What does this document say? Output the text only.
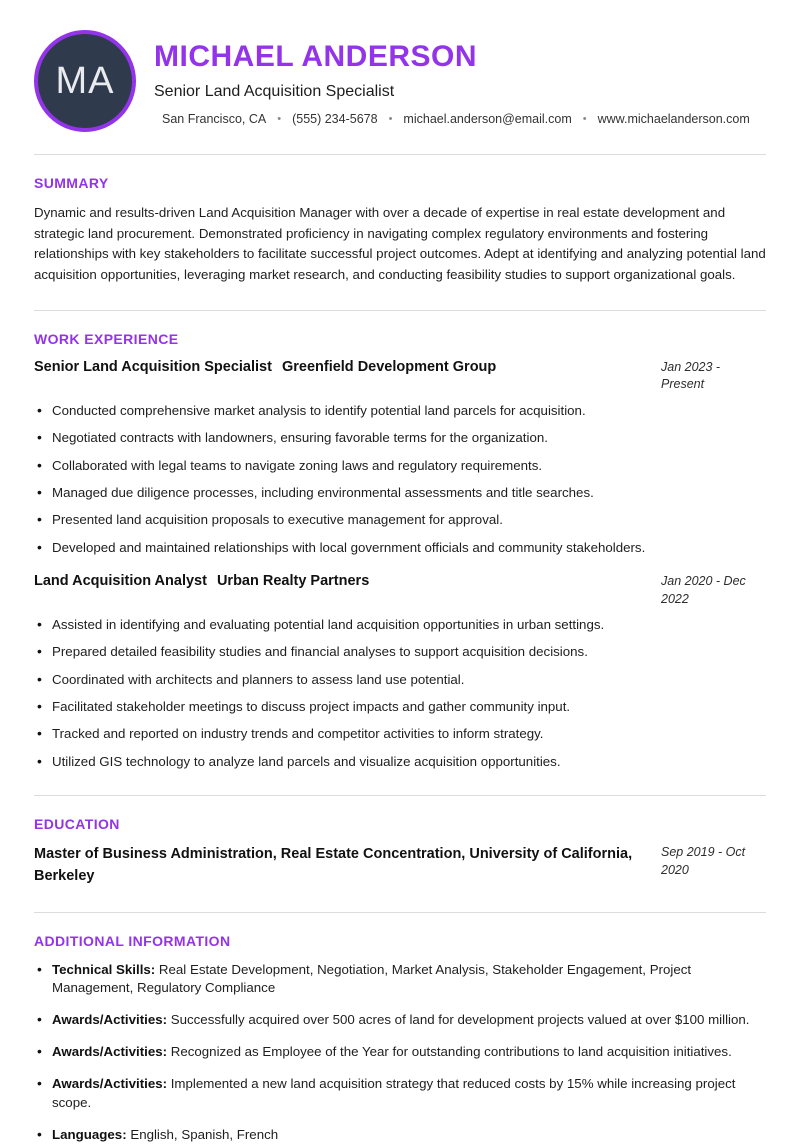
MA
MICHAEL ANDERSON
Senior Land Acquisition Specialist
San Francisco, CA • (555) 234-5678 • michael.anderson@email.com • www.michaelanderson.com
SUMMARY

Dynamic and results-driven Land Acquisition Manager with over a decade of expertise in real estate development and strategic land procurement. Demonstrated proficiency in navigating complex regulatory environments and fostering relationships with key stakeholders to facilitate successful project outcomes. Adept at identifying and analyzing potential land acquisition opportunities, leveraging market research, and conducting feasibility studies to support organizational goals.

WORK EXPERIENCE
Senior Land Acquisition Specialist Greenfield Development Group	Jan 2023 - Present
• Conducted comprehensive market analysis to identify potential land parcels for acquisition.
• Negotiated contracts with landowners, ensuring favorable terms for the organization.
• Collaborated with legal teams to navigate zoning laws and regulatory requirements.
• Managed due diligence processes, including environmental assessments and title searches.
• Presented land acquisition proposals to executive management for approval.
• Developed and maintained relationships with local government officials and community stakeholders.
Land Acquisition Analyst Urban Realty Partners	Jan 2020 - Dec 2022
• Assisted in identifying and evaluating potential land acquisition opportunities in urban settings.
• Prepared detailed feasibility studies and financial analyses to support acquisition decisions.
• Coordinated with architects and planners to assess land use potential.
• Facilitated stakeholder meetings to discuss project impacts and gather community input.
• Tracked and reported on industry trends and competitor activities to inform strategy.
• Utilized GIS technology to analyze land parcels and visualize acquisition opportunities.
EDUCATION
Master of Business Administration, Real Estate Concentration, University of California, Berkeley
Sep 2019 - Oct 2020
ADDITIONAL INFORMATION
• Technical Skills: Real Estate Development, Negotiation, Market Analysis, Stakeholder Engagement, Project Management, Regulatory Compliance
• Awards/Activities: Successfully acquired over 500 acres of land for development projects valued at over $100 million.
• Awards/Activities: Recognized as Employee of the Year for outstanding contributions to land acquisition initiatives.
• Awards/Activities: Implemented a new land acquisition strategy that reduced costs by 15% while increasing project scope.
• Languages: English, Spanish, French
